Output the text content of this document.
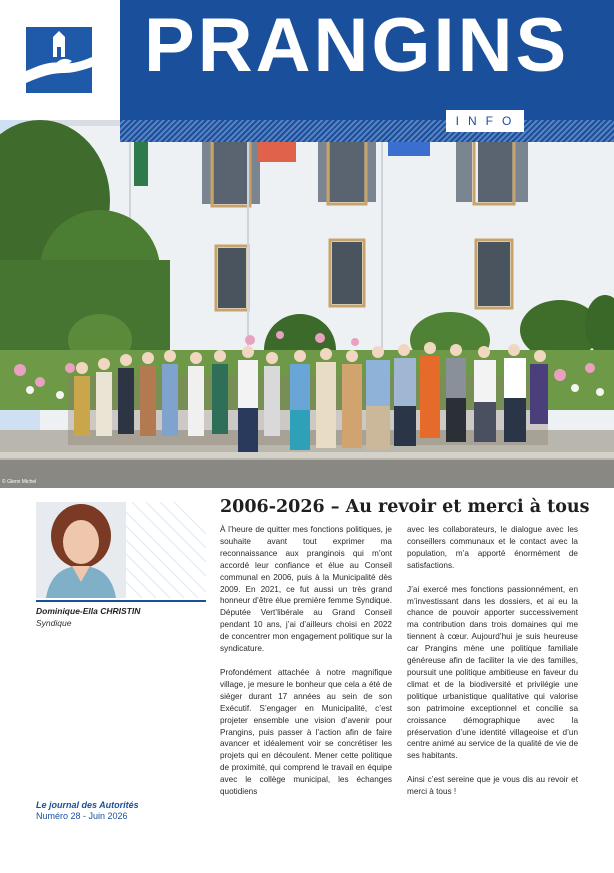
PRANGINS
INFO
© Glenn Michel
Dominique-Ella CHRISTIN
Syndique
Le journal des Autorités
Numéro 28 - Juin 2026
2006-2026 – Au revoir et merci à tous

À l’heure de quitter mes fonctions politiques, je souhaite avant tout exprimer ma reconnaissance aux pranginois qui m’ont accordé leur confiance et élue au Conseil communal en 2006, puis à la Municipalité dès 2009. En 2021, ce fut aussi un très grand honneur d’être élue première femme Syndique. Députée Vert’libérale au Grand Conseil pendant 10 ans, j’ai d’ailleurs choisi en 2022 de concentrer mon engagement politique sur la syndicature.

Profondément attachée à notre magnifique village, je mesure le bonheur que cela a été de siéger durant 17 années au sein de son Exécutif. S’engager en Municipalité, c’est projeter ensemble une vision d’avenir pour Prangins, puis passer à l’action afin de faire avancer et idéalement voir se concrétiser les projets qui en découlent. Mener cette politique de proximité, qui comprend le travail en équipe avec le collège municipal, les échanges quotidiens

avec les collaborateurs, le dialogue avec les conseillers communaux et le contact avec la population, m’a apporté énormément de satisfactions.

J’ai exercé mes fonctions passionnément, en m’investissant dans les dossiers, et ai eu la chance de pouvoir apporter successivement ma contribution dans trois domaines qui me tiennent à cœur. Aujourd’hui je suis heureuse car Prangins mène une politique familiale généreuse afin de faciliter la vie des familles, poursuit une politique ambitieuse en faveur du climat et de la biodiversité et privilégie une politique urbanistique qualitative qui valorise son patrimoine exceptionnel et concilie sa croissance démographique avec la préservation d’une identité villageoise et d’un centre animé au service de la qualité de vie de ses habitants.

Ainsi c’est sereine que je vous dis au revoir et merci à tous !
